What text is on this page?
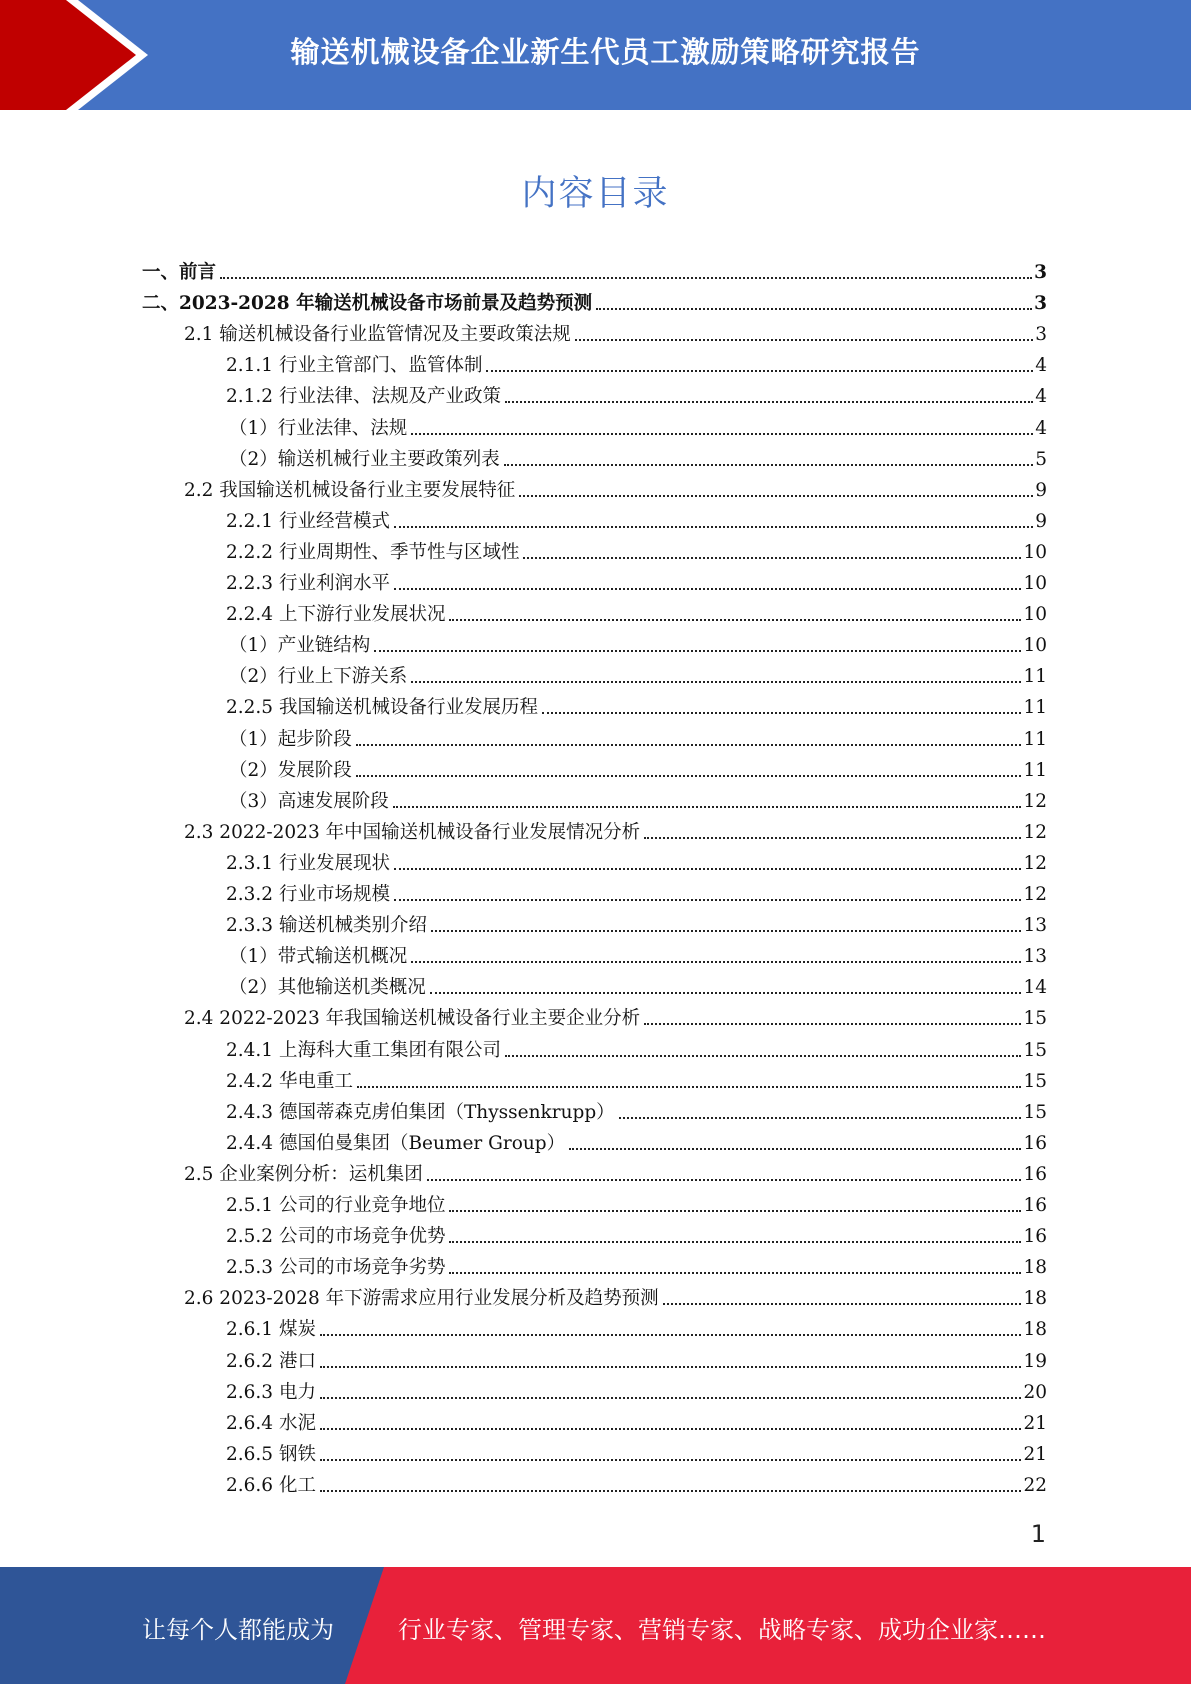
输送机械设备企业新生代员工激励策略研究报告
内容目录
一、前言	3
二、2023-2028 年输送机械设备市场前景及趋势预测	3
2.1 输送机械设备行业监管情况及主要政策法规	3
2.1.1 行业主管部门、监管体制	4
2.1.2 行业法律、法规及产业政策	4
（1）行业法律、法规	4
（2）输送机械行业主要政策列表	5
2.2 我国输送机械设备行业主要发展特征	9
2.2.1 行业经营模式	9
2.2.2 行业周期性、季节性与区域性	10
2.2.3 行业利润水平	10
2.2.4 上下游行业发展状况	10
（1）产业链结构	10
（2）行业上下游关系	11
2.2.5 我国输送机械设备行业发展历程	11
（1）起步阶段	11
（2）发展阶段	11
（3）高速发展阶段	12
2.3 2022-2023 年中国输送机械设备行业发展情况分析	12
2.3.1 行业发展现状	12
2.3.2 行业市场规模	12
2.3.3 输送机械类别介绍	13
（1）带式输送机概况	13
（2）其他输送机类概况	14
2.4 2022-2023 年我国输送机械设备行业主要企业分析	15
2.4.1 上海科大重工集团有限公司	15
2.4.2 华电重工	15
2.4.3 德国蒂森克虏伯集团（Thyssenkrupp）	15
2.4.4 德国伯曼集团（Beumer Group）	16
2.5 企业案例分析：运机集团	16
2.5.1 公司的行业竞争地位	16
2.5.2 公司的市场竞争优势	16
2.5.3 公司的市场竞争劣势	18
2.6 2023-2028 年下游需求应用行业发展分析及趋势预测	18
2.6.1 煤炭	18
2.6.2 港口	19
2.6.3 电力	20
2.6.4 水泥	21
2.6.5 钢铁	21
2.6.6 化工	22
1
让每个人都能成为	行业专家、管理专家、营销专家、战略专家、成功企业家……
